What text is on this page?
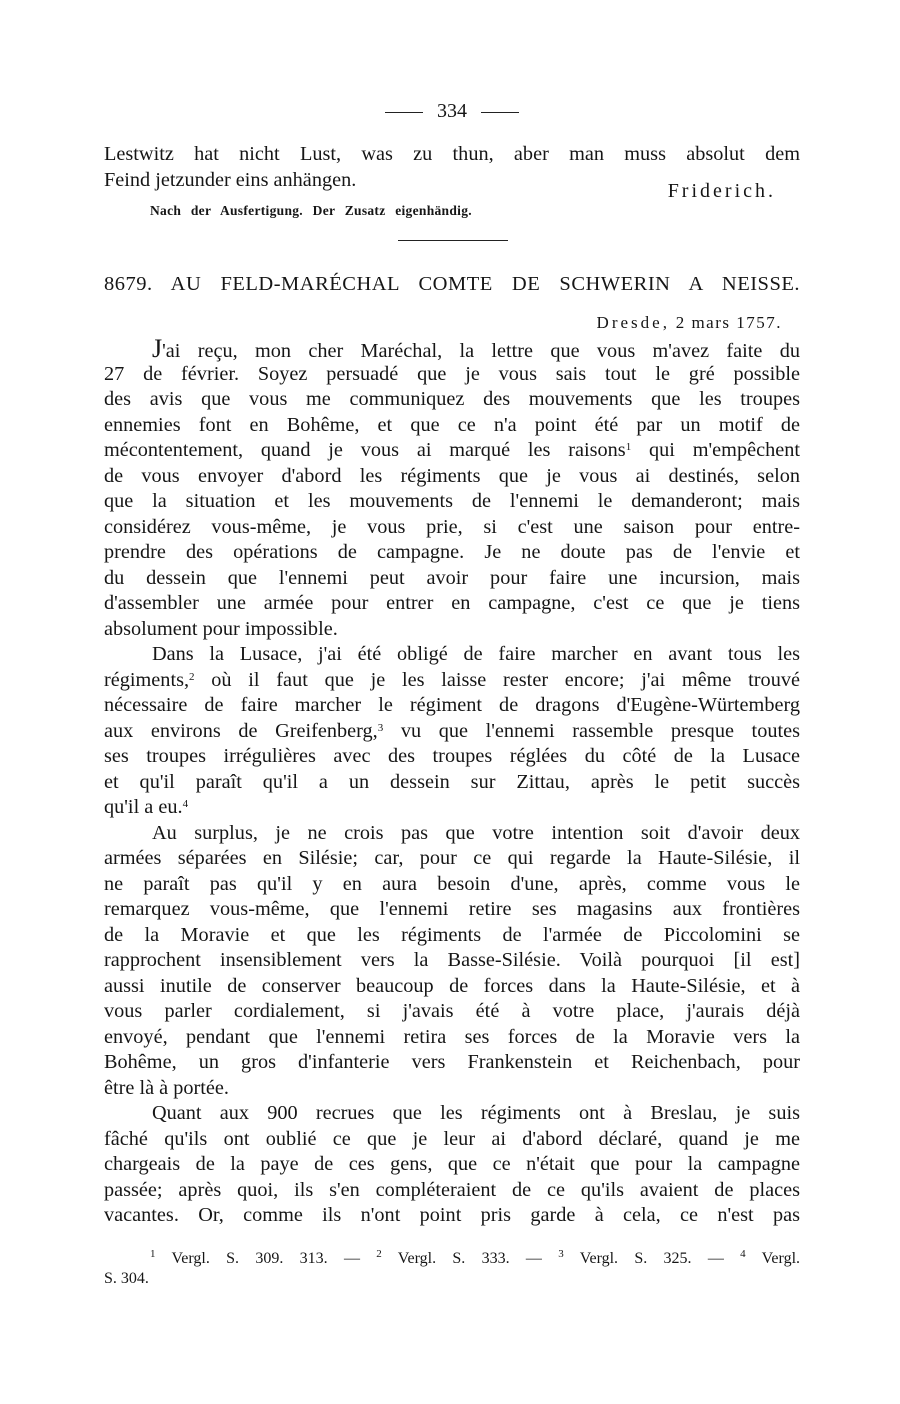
334
Lestwitz hat nicht Lust, was zu thun, aber man muss absolut dem
Feind jetzunder eins anhängen.	Friderich.
Nach der Ausfertigung. Der Zusatz eigenhändig.
8679. AU FELD-MARÉCHAL COMTE DE SCHWERIN A NEISSE.
Dresde, 2 mars 1757.
J'ai reçu, mon cher Maréchal, la lettre que vous m'avez faite du
27 de février. Soyez persuadé que je vous sais tout le gré possible
des avis que vous me communiquez des mouvements que les troupes
ennemies font en Bohême, et que ce n'a point été par un motif de
mécontentement, quand je vous ai marqué les raisons$^1$ qui m'empêchent
de vous envoyer d'abord les régiments que je vous ai destinés, selon
que la situation et les mouvements de l'ennemi le demanderont; mais
considérez vous-même, je vous prie, si c'est une saison pour entre-
prendre des opérations de campagne. Je ne doute pas de l'envie et
du dessein que l'ennemi peut avoir pour faire une incursion, mais
d'assembler une armée pour entrer en campagne, c'est ce que je tiens
absolument pour impossible.
Dans la Lusace, j'ai été obligé de faire marcher en avant tous les
régiments,$^2$ où il faut que je les laisse rester encore; j'ai même trouvé
nécessaire de faire marcher le régiment de dragons d'Eugène-Würtemberg
aux environs de Greifenberg,$^3$ vu que l'ennemi rassemble presque toutes
ses troupes irrégulières avec des troupes réglées du côté de la Lusace
et qu'il paraît qu'il a un dessein sur Zittau, après le petit succès
qu'il a eu.$^4$
Au surplus, je ne crois pas que votre intention soit d'avoir deux
armées séparées en Silésie; car, pour ce qui regarde la Haute-Silésie, il
ne paraît pas qu'il y en aura besoin d'une, après, comme vous le
remarquez vous-même, que l'ennemi retire ses magasins aux frontières
de la Moravie et que les régiments de l'armée de Piccolomini se
rapprochent insensiblement vers la Basse-Silésie. Voilà pourquoi [il est]
aussi inutile de conserver beaucoup de forces dans la Haute-Silésie, et à
vous parler cordialement, si j'avais été à votre place, j'aurais déjà
envoyé, pendant que l'ennemi retira ses forces de la Moravie vers la
Bohême, un gros d'infanterie vers Frankenstein et Reichenbach, pour
être là à portée.
Quant aux 900 recrues que les régiments ont à Breslau, je suis
fâché qu'ils ont oublié ce que je leur ai d'abord déclaré, quand je me
chargeais de la paye de ces gens, que ce n'était que pour la campagne
passée; après quoi, ils s'en compléteraient de ce qu'ils avaient de places
vacantes. Or, comme ils n'ont point pris garde à cela, ce n'est pas
$^1$ Vergl. S. 309. 313. — $^2$ Vergl. S. 333. — $^3$ Vergl. S. 325. — $^4$ Vergl.
S. 304.
